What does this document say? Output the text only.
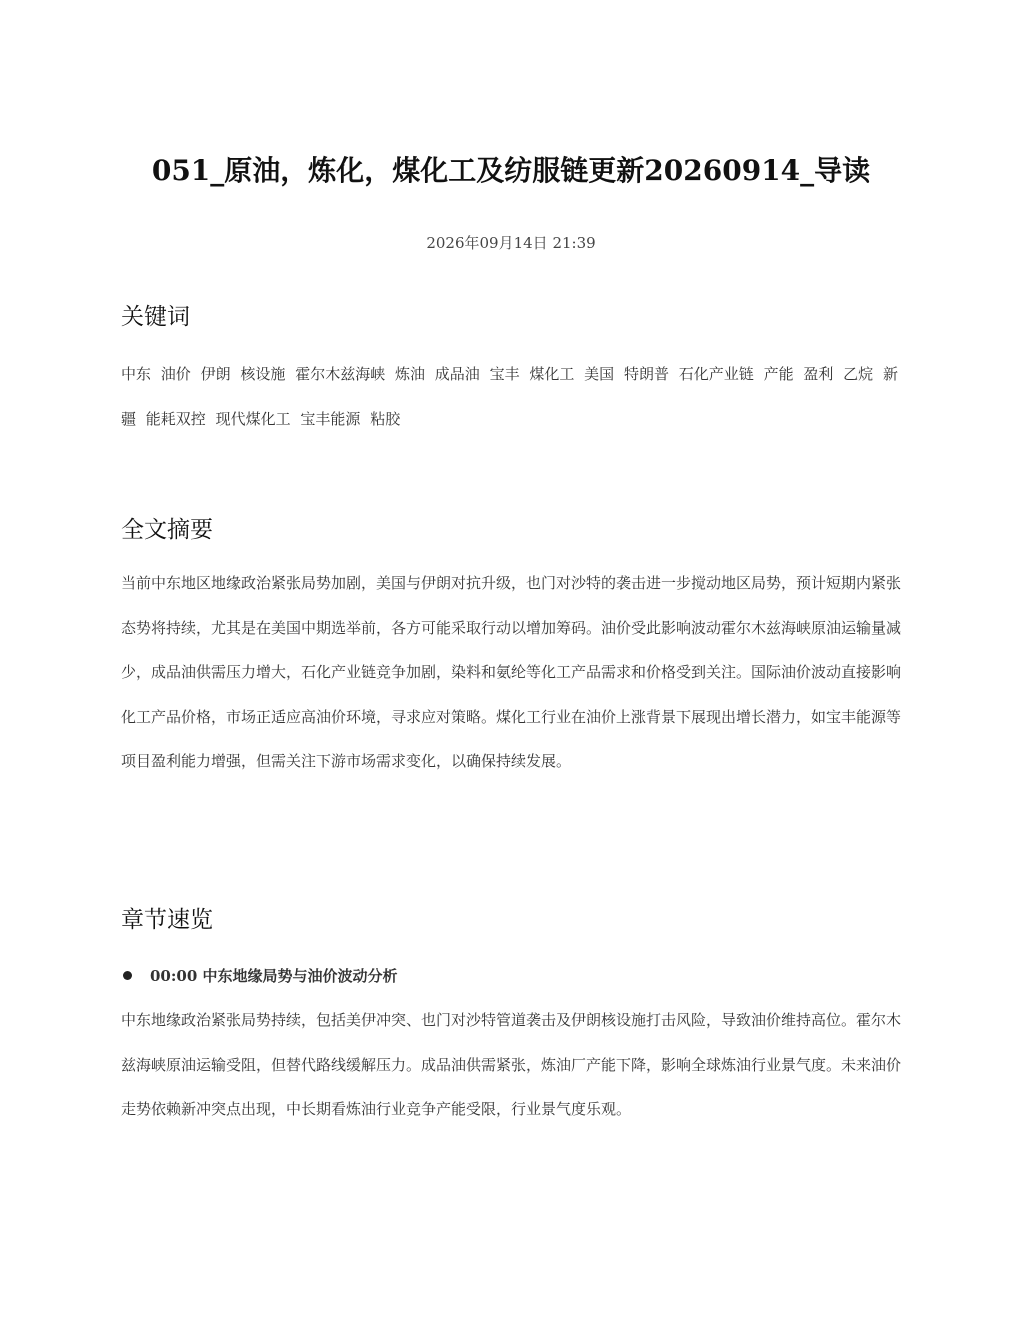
051_原油，炼化，煤化工及纺服链更新20260914_导读
2026年09月14日 21:39
关键词
中东 油价 伊朗 核设施 霍尔木兹海峡 炼油 成品油 宝丰 煤化工 美国 特朗普 石化产业链 产能 盈利 乙烷 新疆 能耗双控 现代煤化工 宝丰能源 粘胶
全文摘要

当前中东地区地缘政治紧张局势加剧，美国与伊朗对抗升级，也门对沙特的袭击进一步搅动地区局势，预计短期内紧张态势将持续，尤其是在美国中期选举前，各方可能采取行动以增加筹码。油价受此影响波动霍尔木兹海峡原油运输量减少，成品油供需压力增大，石化产业链竞争加剧，染料和氨纶等化工产品需求和价格受到关注。国际油价波动直接影响化工产品价格，市场正适应高油价环境，寻求应对策略。煤化工行业在油价上涨背景下展现出增长潜力，如宝丰能源等项目盈利能力增强，但需关注下游市场需求变化，以确保持续发展。

章节速览
00:00 中东地缘局势与油价波动分析

中东地缘政治紧张局势持续，包括美伊冲突、也门对沙特管道袭击及伊朗核设施打击风险，导致油价维持高位。霍尔木兹海峡原油运输受阻，但替代路线缓解压力。成品油供需紧张，炼油厂产能下降，影响全球炼油行业景气度。未来油价走势依赖新冲突点出现，中长期看炼油行业竞争产能受限，行业景气度乐观。
